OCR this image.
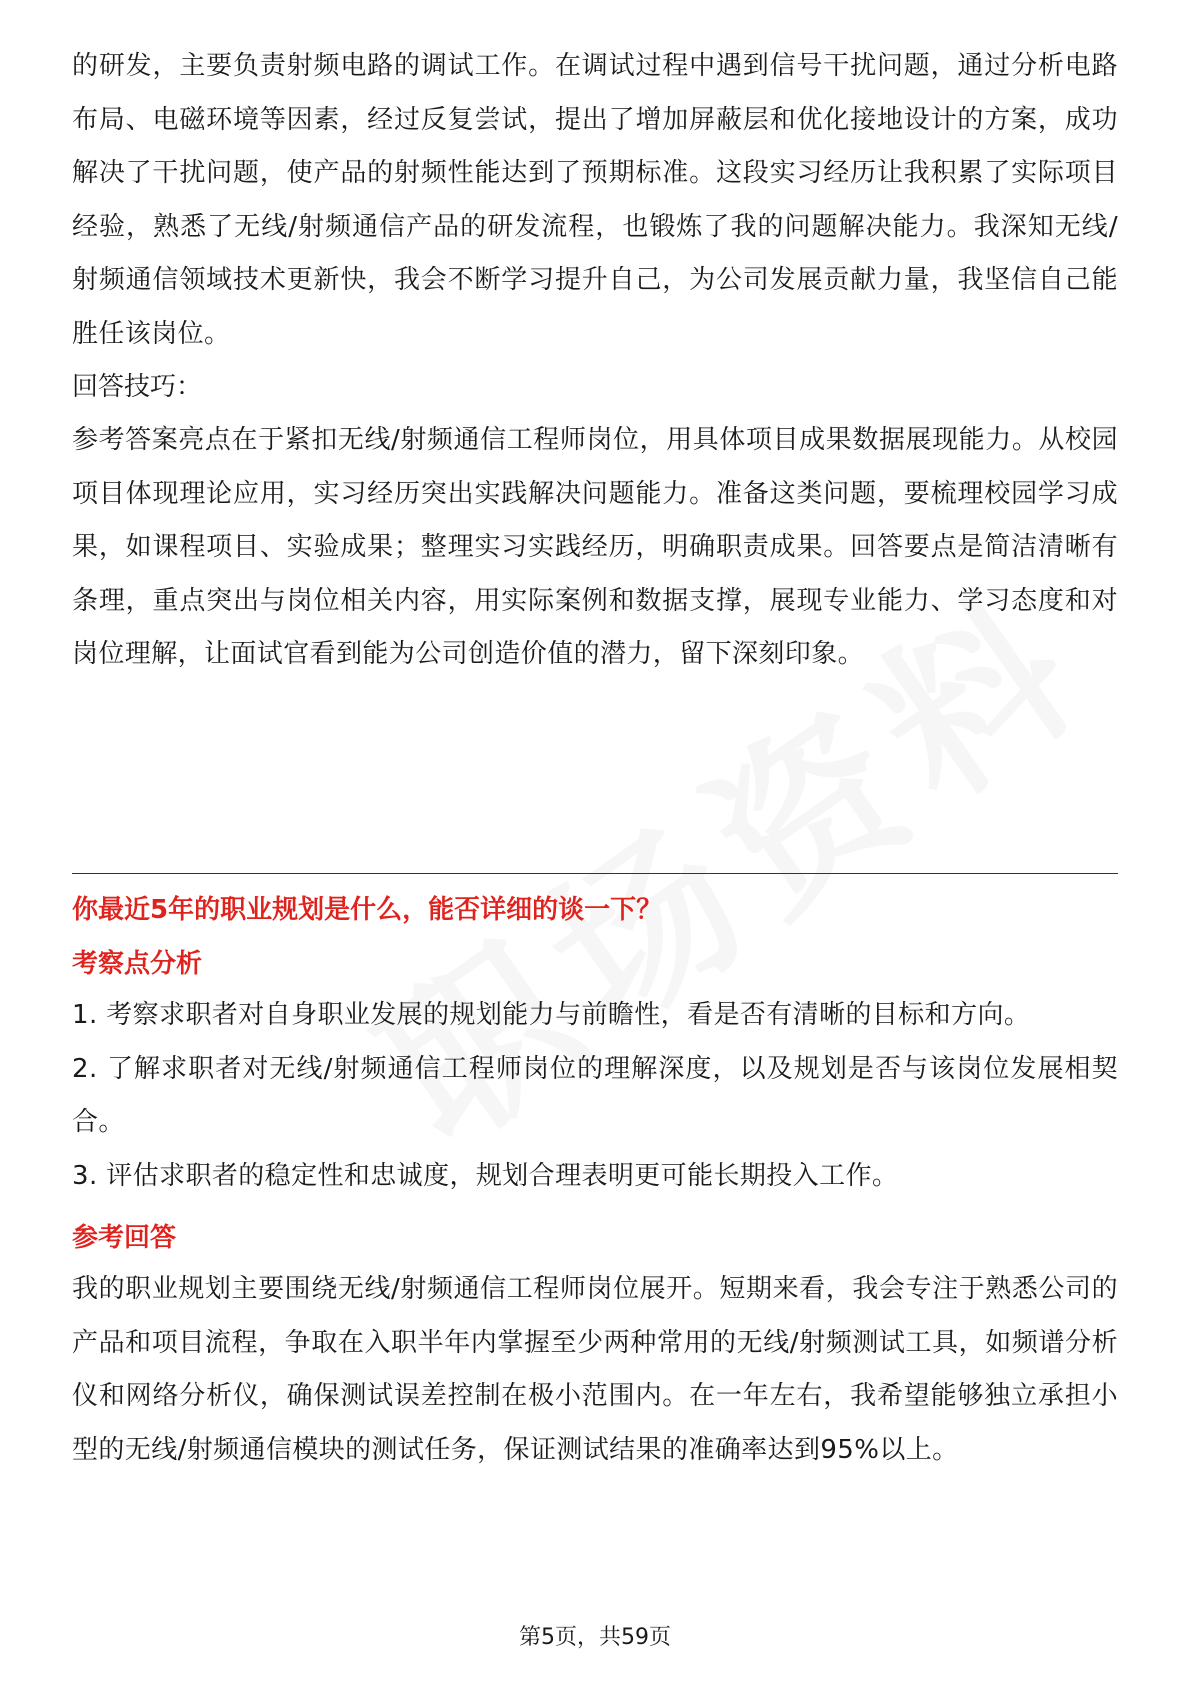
的研发，主要负责射频电路的调试工作。在调试过程中遇到信号干扰问题，通过分析电路布局、电磁环境等因素，经过反复尝试，提出了增加屏蔽层和优化接地设计的方案，成功解决了干扰问题，使产品的射频性能达到了预期标准。这段实习经历让我积累了实际项目经验，熟悉了无线/射频通信产品的研发流程，也锻炼了我的问题解决能力。我深知无线/射频通信领域技术更新快，我会不断学习提升自己，为公司发展贡献力量，我坚信自己能胜任该岗位。

回答技巧：

参考答案亮点在于紧扣无线/射频通信工程师岗位，用具体项目成果数据展现能力。从校园项目体现理论应用，实习经历突出实践解决问题能力。准备这类问题，要梳理校园学习成果，如课程项目、实验成果；整理实习实践经历，明确职责成果。回答要点是简洁清晰有条理，重点突出与岗位相关内容，用实际案例和数据支撑，展现专业能力、学习态度和对岗位理解，让面试官看到能为公司创造价值的潜力，留下深刻印象。

你最近5年的职业规划是什么，能否详细的谈一下？

考察点分析

1. 考察求职者对自身职业发展的规划能力与前瞻性，看是否有清晰的目标和方向。

2. 了解求职者对无线/射频通信工程师岗位的理解深度，以及规划是否与该岗位发展相契合。

3. 评估求职者的稳定性和忠诚度，规划合理表明更可能长期投入工作。

参考回答

我的职业规划主要围绕无线/射频通信工程师岗位展开。短期来看，我会专注于熟悉公司的产品和项目流程，争取在入职半年内掌握至少两种常用的无线/射频测试工具，如频谱分析仪和网络分析仪，确保测试误差控制在极小范围内。在一年左右，我希望能够独立承担小型的无线/射频通信模块的测试任务，保证测试结果的准确率达到95%以上。

第5页，共59页
